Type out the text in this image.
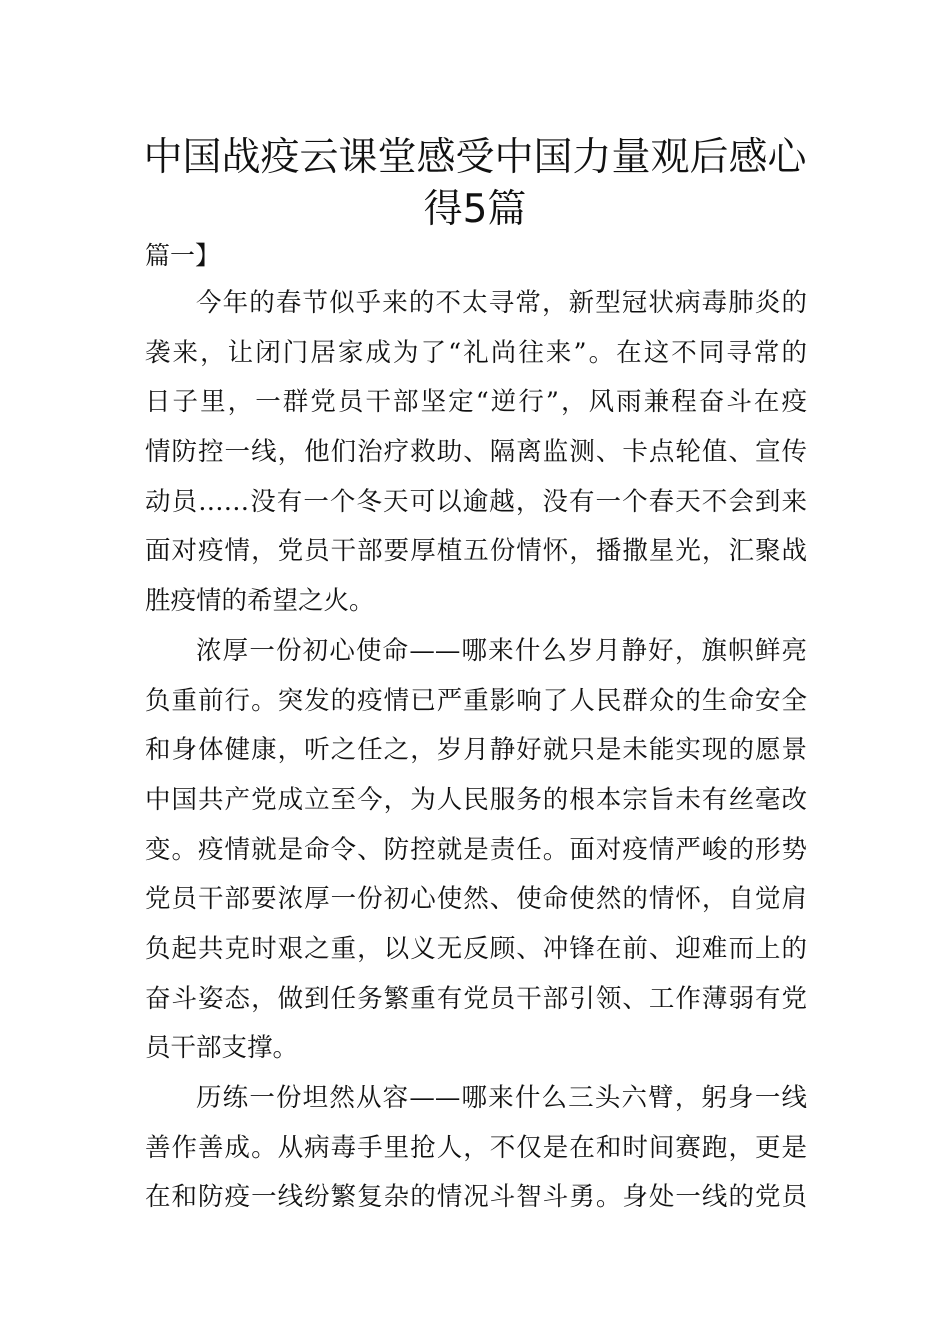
中国战疫云课堂感受中国力量观后感心
得5篇
篇一】
今年的春节似乎来的不太寻常，新型冠状病毒肺炎的
袭来，让闭门居家成为了“礼尚往来”。在这不同寻常的
日子里，一群党员干部坚定“逆行”，风雨兼程奋斗在疫
情防控一线，他们治疗救助、隔离监测、卡点轮值、宣传
动员……没有一个冬天可以逾越，没有一个春天不会到来
面对疫情，党员干部要厚植五份情怀，播撒星光，汇聚战
胜疫情的希望之火。
浓厚一份初心使命——哪来什么岁月静好，旗帜鲜亮
负重前行。突发的疫情已严重影响了人民群众的生命安全
和身体健康，听之任之，岁月静好就只是未能实现的愿景
中国共产党成立至今，为人民服务的根本宗旨未有丝毫改
变。疫情就是命令、防控就是责任。面对疫情严峻的形势
党员干部要浓厚一份初心使然、使命使然的情怀，自觉肩
负起共克时艰之重，以义无反顾、冲锋在前、迎难而上的
奋斗姿态，做到任务繁重有党员干部引领、工作薄弱有党
员干部支撑。
历练一份坦然从容——哪来什么三头六臂，躬身一线
善作善成。从病毒手里抢人，不仅是在和时间赛跑，更是
在和防疫一线纷繁复杂的情况斗智斗勇。身处一线的党员
